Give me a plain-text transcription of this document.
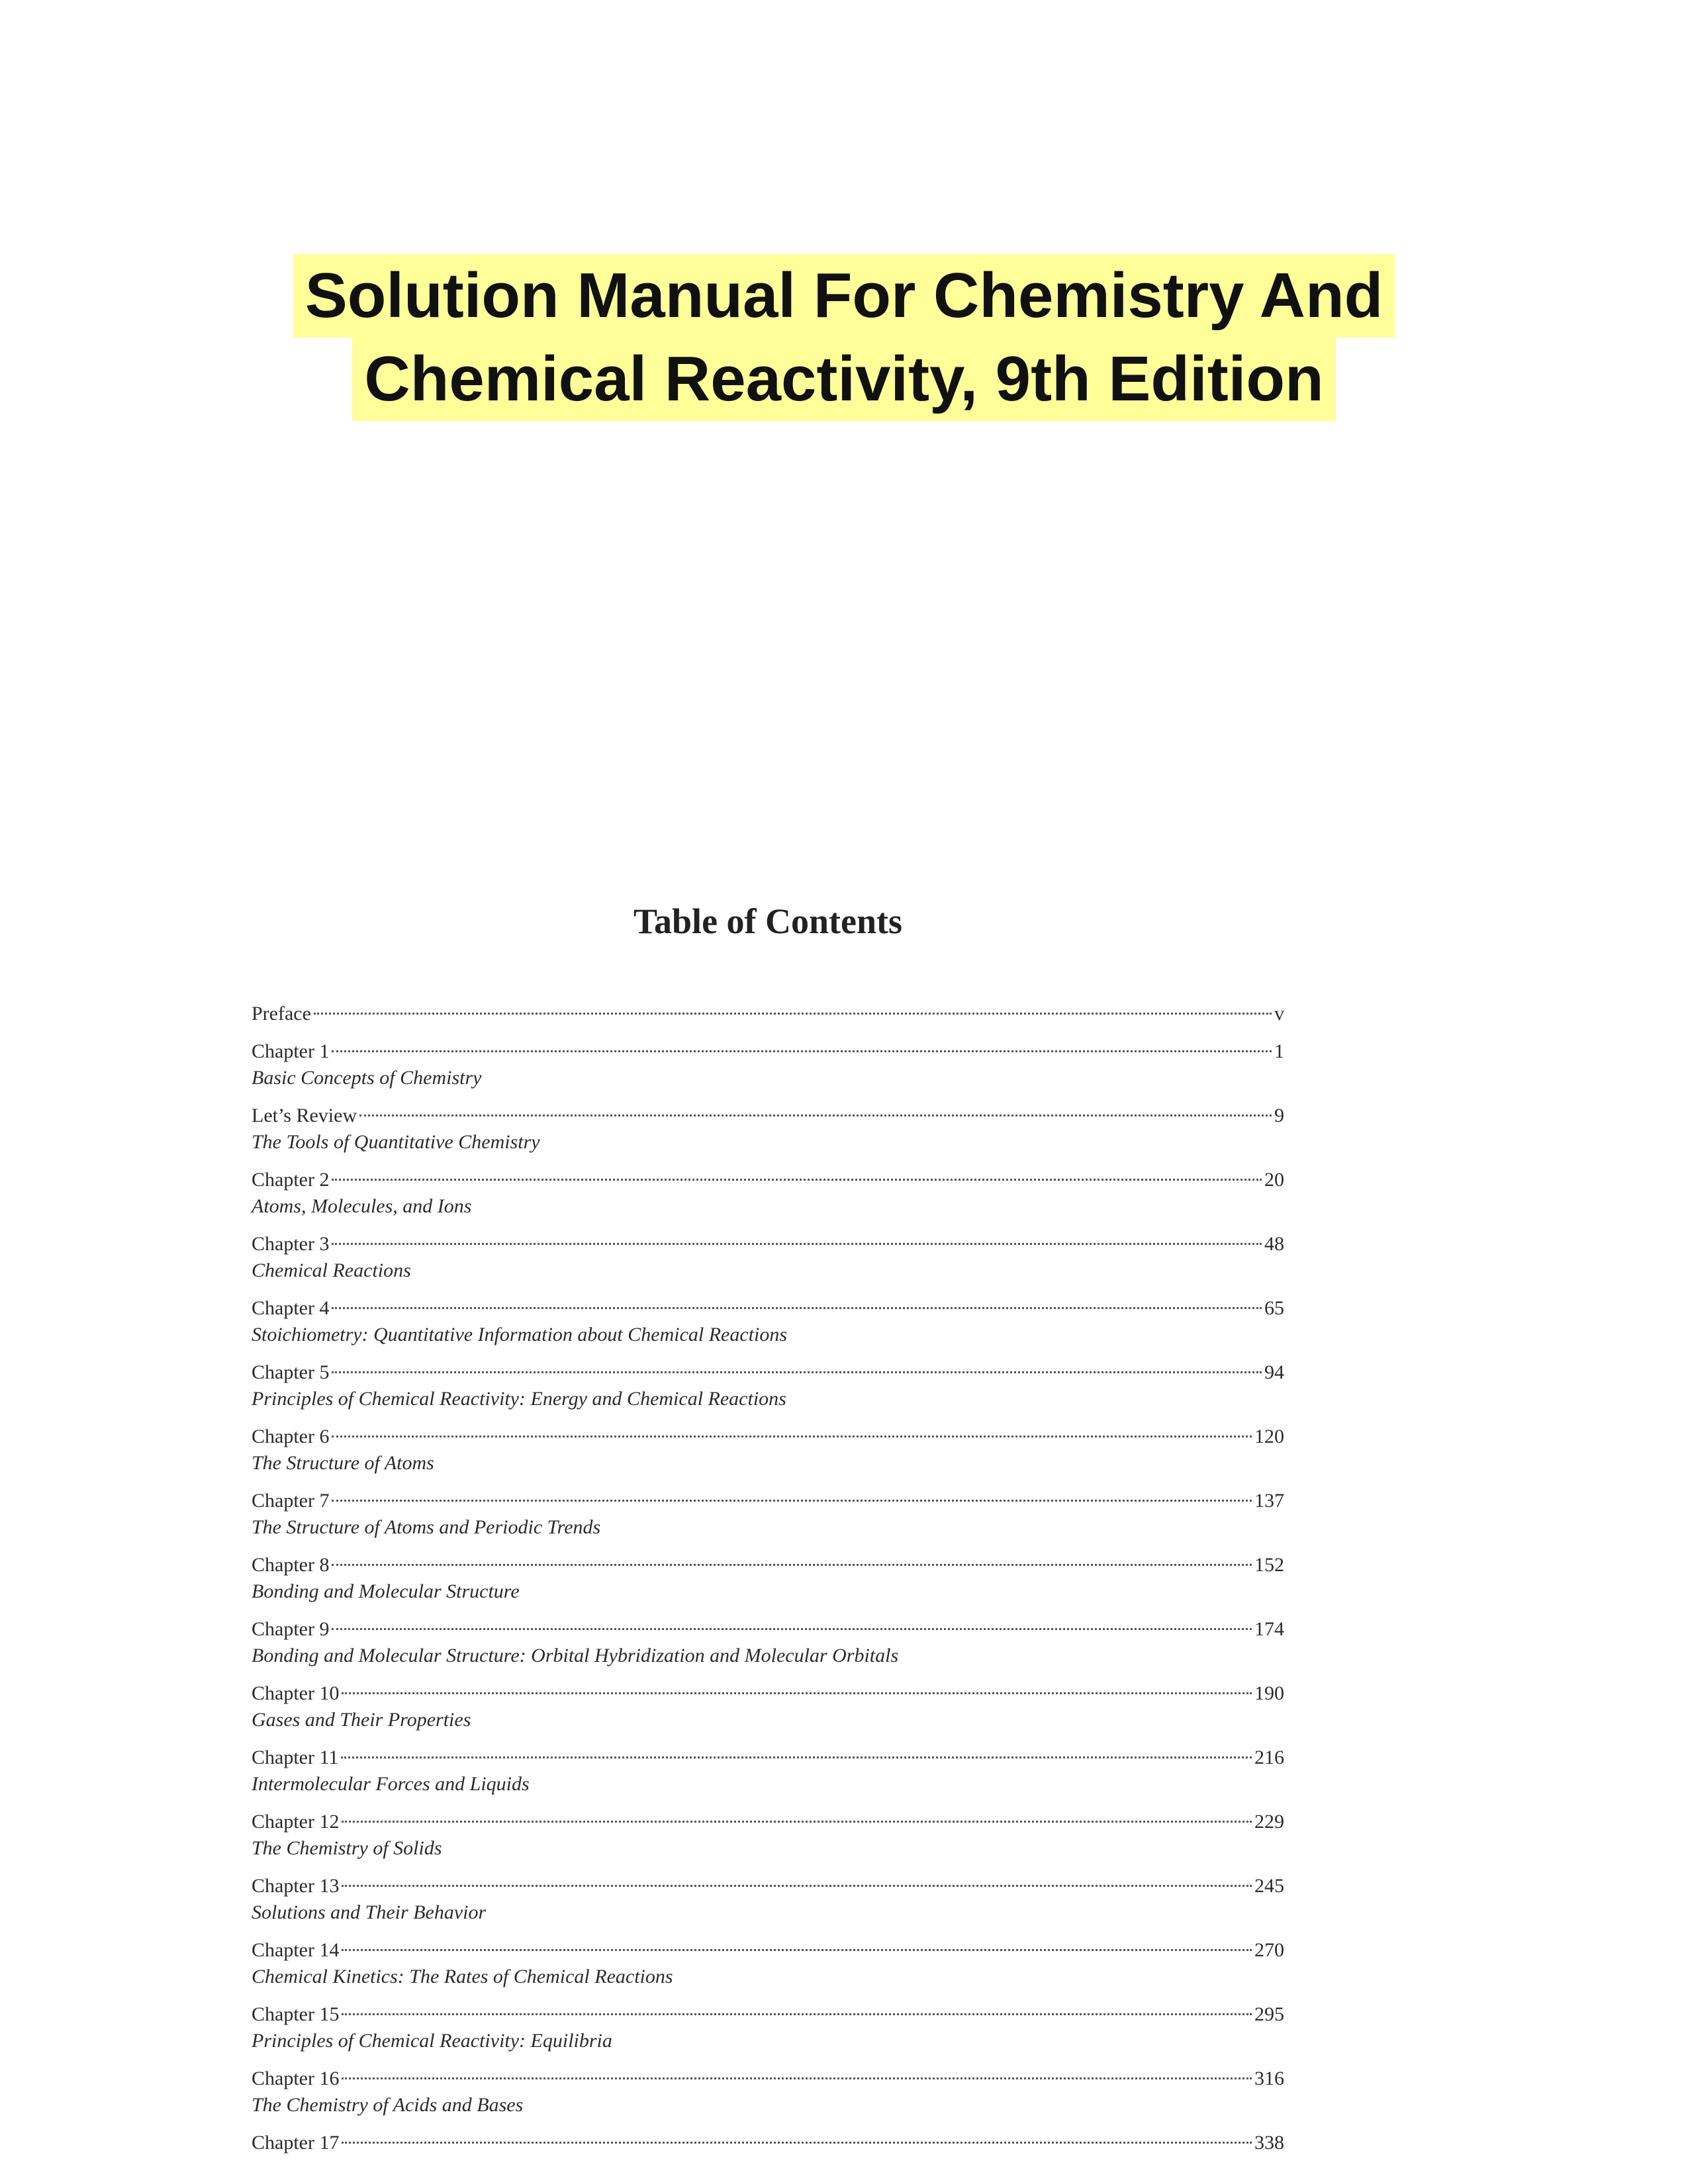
Solution Manual For Chemistry And
Chemical Reactivity, 9th Edition
Table of Contents
Preface	v
Chapter 1	1
Basic Concepts of Chemistry
Let’s Review	9
The Tools of Quantitative Chemistry
Chapter 2	20
Atoms, Molecules, and Ions
Chapter 3	48
Chemical Reactions
Chapter 4	65
Stoichiometry: Quantitative Information about Chemical Reactions
Chapter 5	94
Principles of Chemical Reactivity: Energy and Chemical Reactions
Chapter 6	120
The Structure of Atoms
Chapter 7	137
The Structure of Atoms and Periodic Trends
Chapter 8	152
Bonding and Molecular Structure
Chapter 9	174
Bonding and Molecular Structure: Orbital Hybridization and Molecular Orbitals
Chapter 10	190
Gases and Their Properties
Chapter 11	216
Intermolecular Forces and Liquids
Chapter 12	229
The Chemistry of Solids
Chapter 13	245
Solutions and Their Behavior
Chapter 14	270
Chemical Kinetics: The Rates of Chemical Reactions
Chapter 15	295
Principles of Chemical Reactivity: Equilibria
Chapter 16	316
The Chemistry of Acids and Bases
Chapter 17	338
